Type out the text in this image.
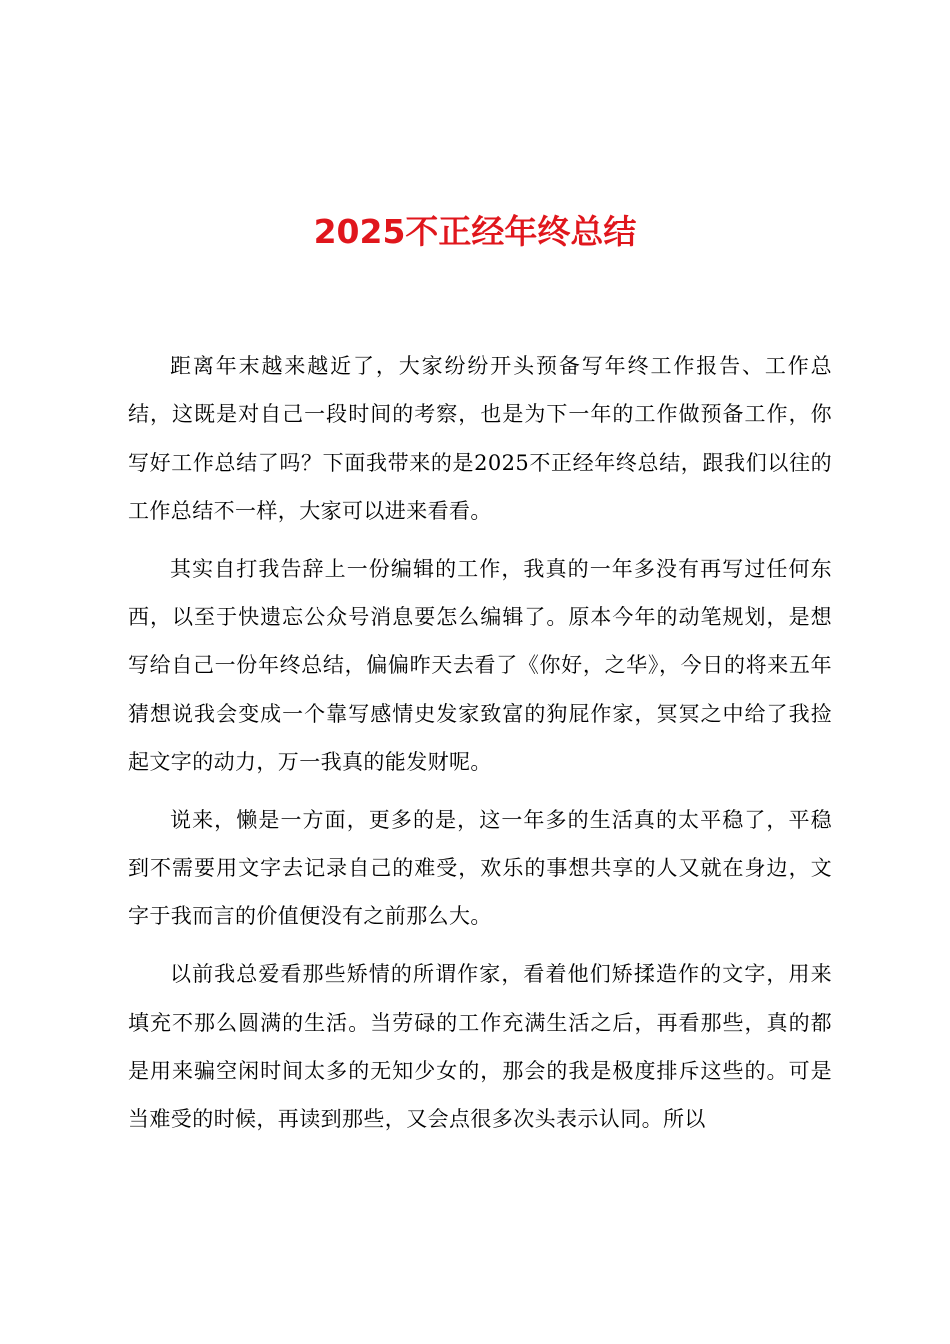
2025不正经年终总结

距离年末越来越近了，大家纷纷开头预备写年终工作报告、工作总结，这既是对自己一段时间的考察，也是为下一年的工作做预备工作，你写好工作总结了吗？下面我带来的是2025不正经年终总结，跟我们以往的工作总结不一样，大家可以进来看看。

其实自打我告辞上一份编辑的工作，我真的一年多没有再写过任何东西，以至于快遗忘公众号消息要怎么编辑了。原本今年的动笔规划，是想写给自己一份年终总结，偏偏昨天去看了《你好，之华》，今日的将来五年猜想说我会变成一个靠写感情史发家致富的狗屁作家，冥冥之中给了我捡起文字的动力，万一我真的能发财呢。

说来，懒是一方面，更多的是，这一年多的生活真的太平稳了，平稳到不需要用文字去记录自己的难受，欢乐的事想共享的人又就在身边，文字于我而言的价值便没有之前那么大。

以前我总爱看那些矫情的所谓作家，看着他们矫揉造作的文字，用来填充不那么圆满的生活。当劳碌的工作充满生活之后，再看那些，真的都是用来骗空闲时间太多的无知少女的，那会的我是极度排斥这些的。可是当难受的时候，再读到那些，又会点很多次头表示认同。所以
